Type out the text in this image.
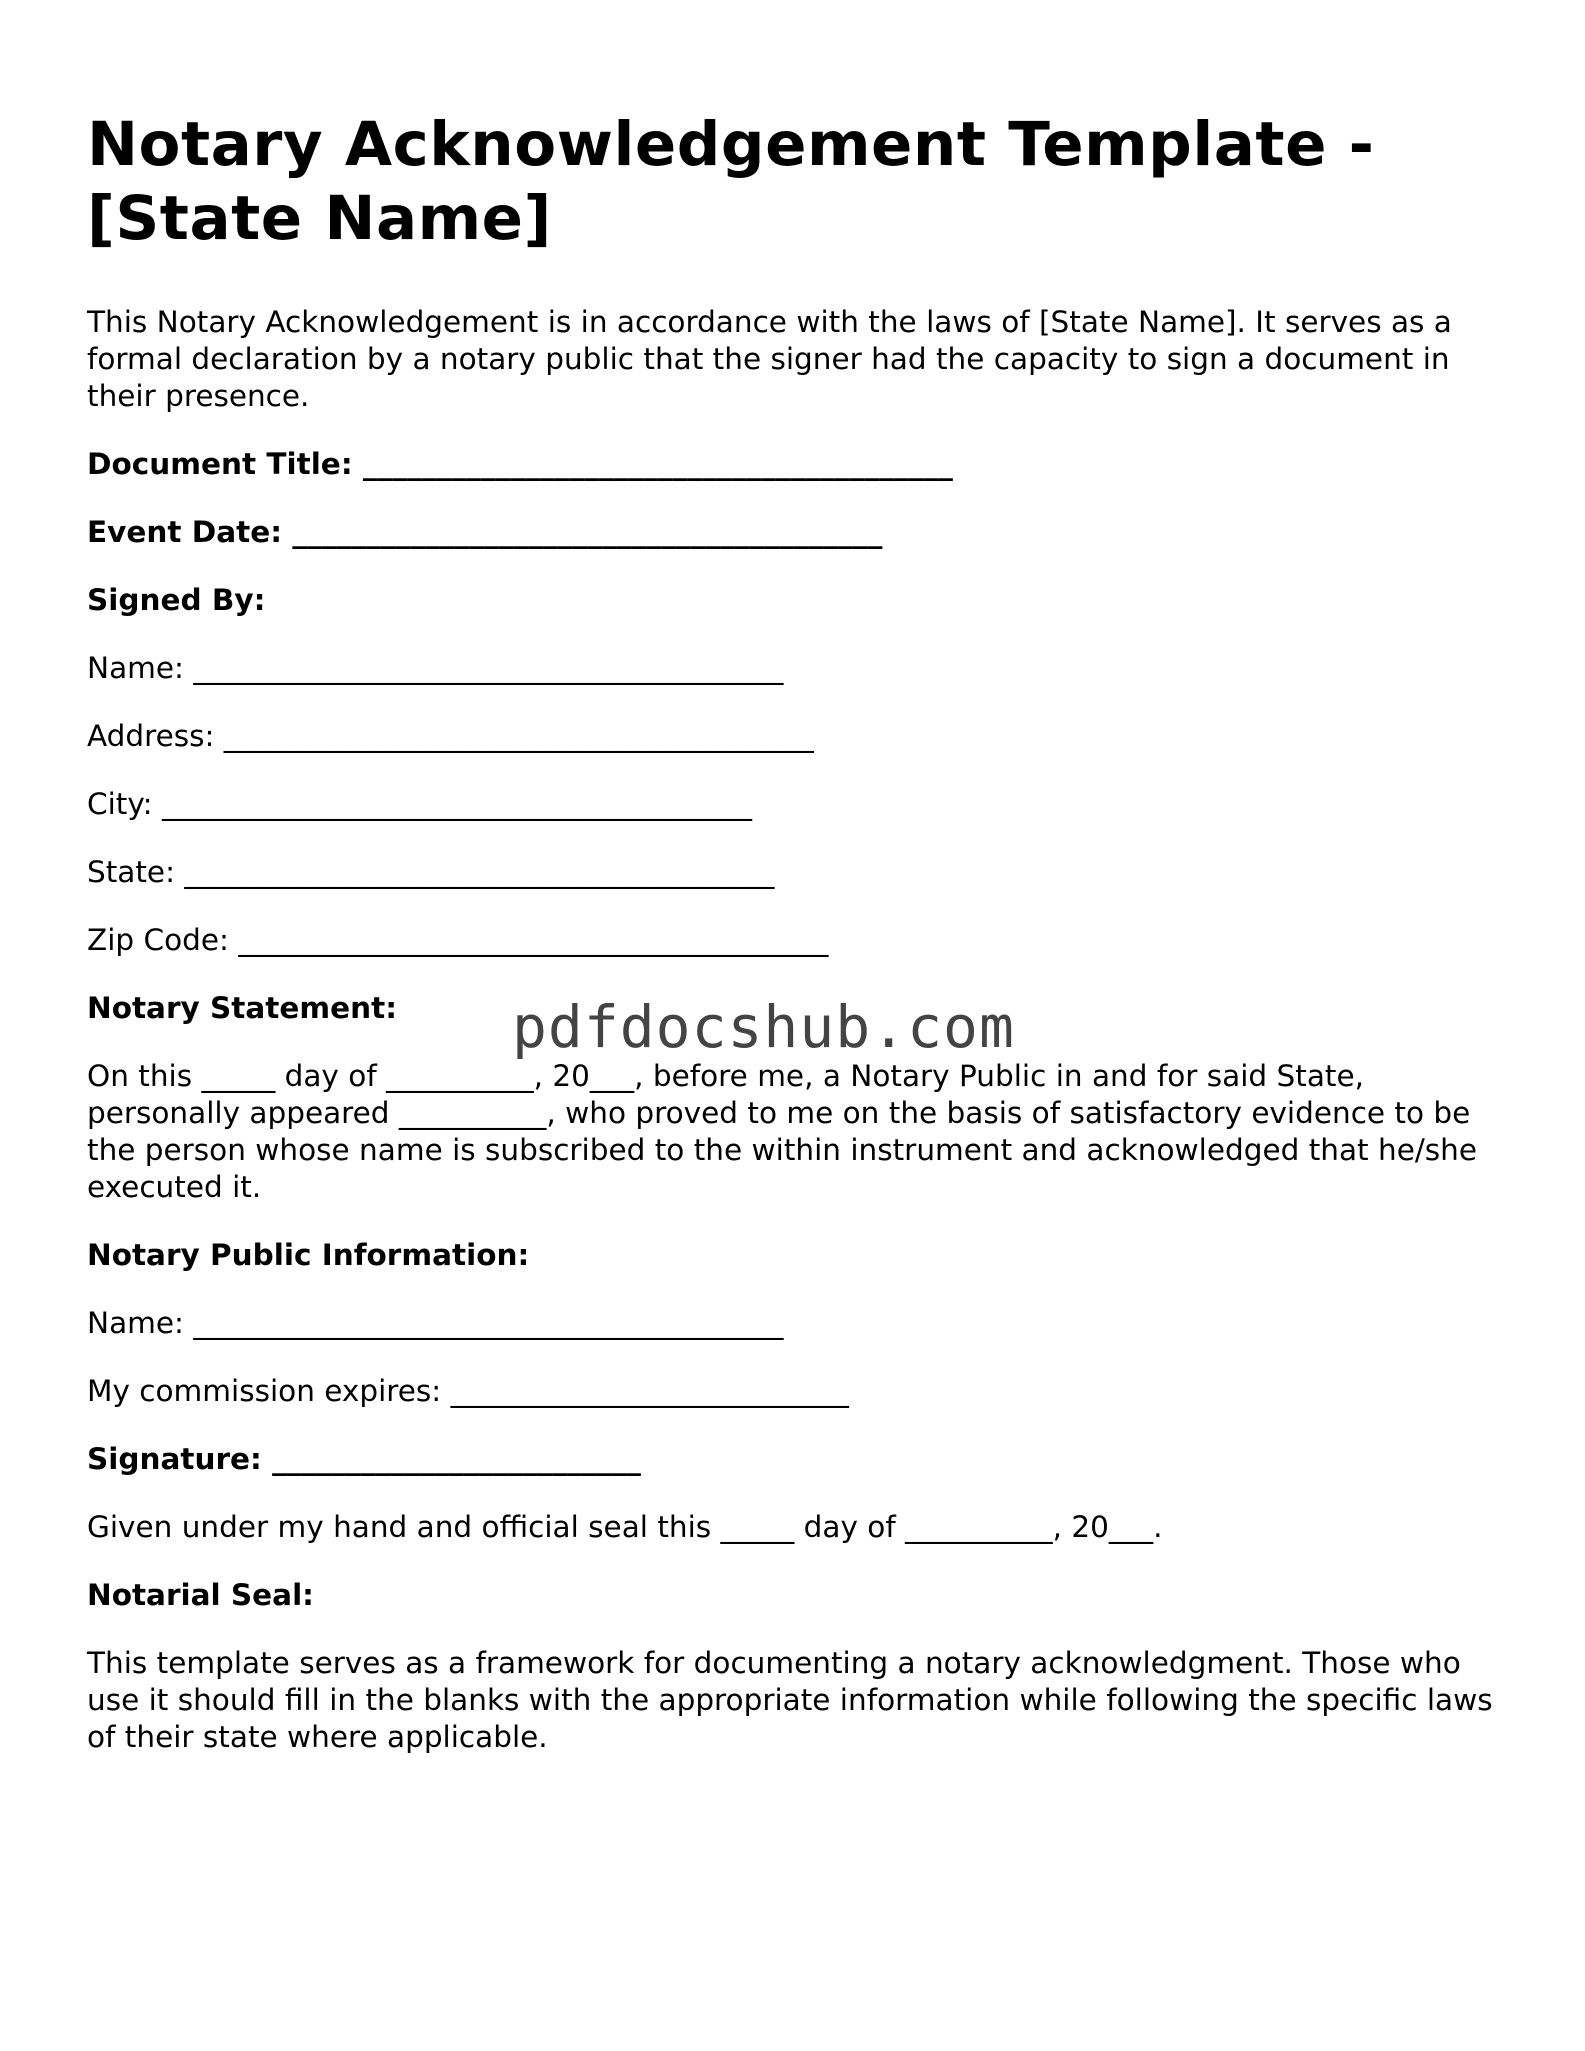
Notary Acknowledgement Template - [State Name]

This Notary Acknowledgement is in accordance with the laws of [State Name]. It serves as a formal declaration by a notary public that the signer had the capacity to sign a document in their presence.

Document Title: ________________________________________

Event Date: ________________________________________

Signed By:

Name: ________________________________________

Address: ________________________________________

City: ________________________________________

State: ________________________________________

Zip Code: ________________________________________

Notary Statement:

On this _____ day of __________, 20___, before me, a Notary Public in and for said State, personally appeared __________, who proved to me on the basis of satisfactory evidence to be the person whose name is subscribed to the within instrument and acknowledged that he/she executed it.

Notary Public Information:

Name: ________________________________________

My commission expires: ___________________________

Signature: _________________________

Given under my hand and official seal this _____ day of __________, 20___.

Notarial Seal:

This template serves as a framework for documenting a notary acknowledgment. Those who use it should fill in the blanks with the appropriate information while following the specific laws of their state where applicable.

pdfdocshub.com
